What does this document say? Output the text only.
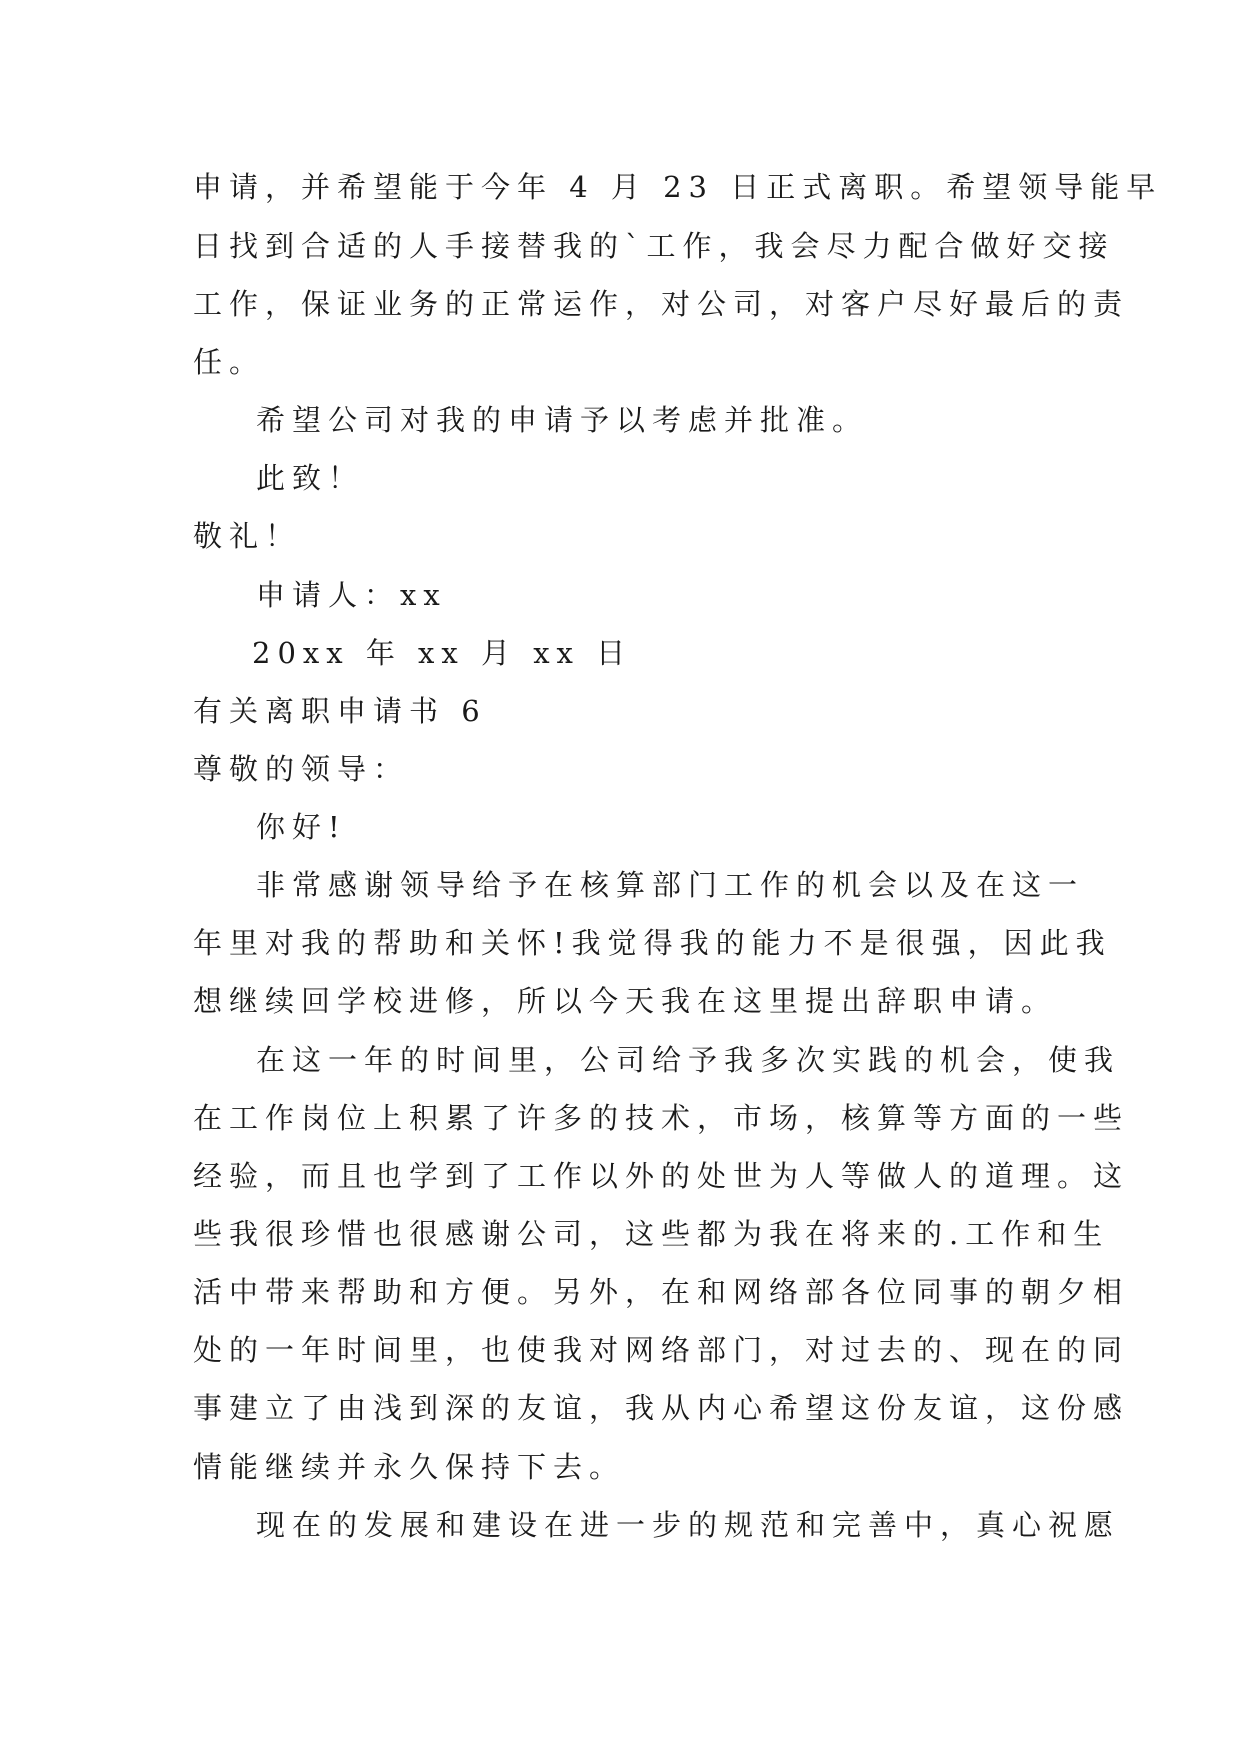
申请，并希望能于今年 4 月 23 日正式离职。希望领导能早
日找到合适的人手接替我的`工作，我会尽力配合做好交接
工作，保证业务的正常运作，对公司，对客户尽好最后的责
任。
希望公司对我的申请予以考虑并批准。
此致！
敬礼！
申请人：xx
20xx 年 xx 月 xx 日
有关离职申请书 6
尊敬的领导：
你好!
非常感谢领导给予在核算部门工作的机会以及在这一
年里对我的帮助和关怀!我觉得我的能力不是很强，因此我
想继续回学校进修，所以今天我在这里提出辞职申请。
在这一年的时间里，公司给予我多次实践的机会，使我
在工作岗位上积累了许多的技术，市场，核算等方面的一些
经验，而且也学到了工作以外的处世为人等做人的道理。这
些我很珍惜也很感谢公司，这些都为我在将来的.工作和生
活中带来帮助和方便。另外，在和网络部各位同事的朝夕相
处的一年时间里，也使我对网络部门，对过去的、现在的同
事建立了由浅到深的友谊，我从内心希望这份友谊，这份感
情能继续并永久保持下去。
现在的发展和建设在进一步的规范和完善中，真心祝愿
